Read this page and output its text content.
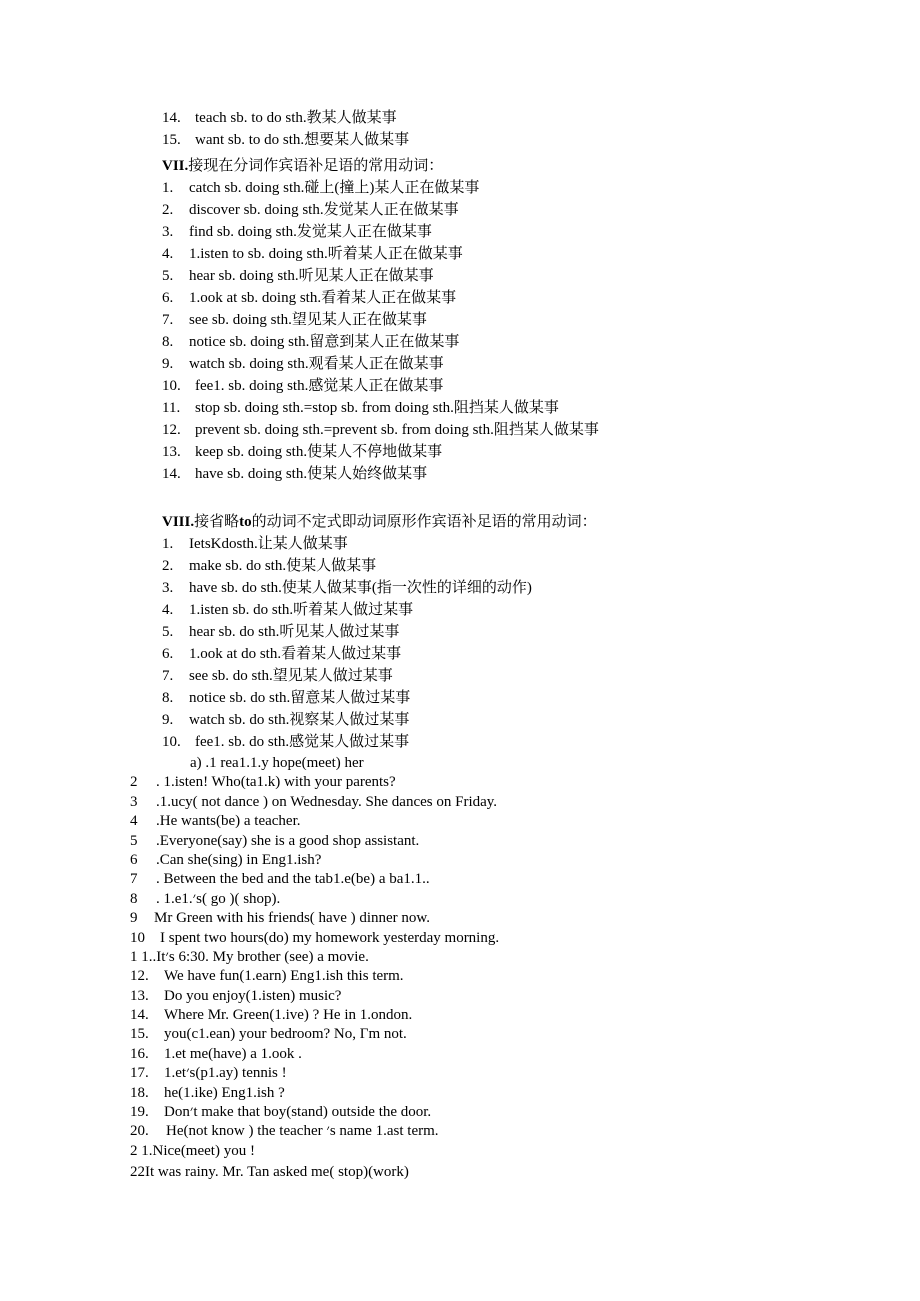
14. teach sb. to do sth.教某人做某事
15. want sb. to do sth.想要某人做某事
VII.接现在分词作宾语补足语的常用动词：
1. catch sb. doing sth.碰上(撞上)某人正在做某事
2. discover sb. doing sth.发觉某人正在做某事
3. find sb. doing sth.发觉某人正在做某事
4. 1.isten to sb. doing sth.听着某人正在做某事
5. hear sb. doing sth.听见某人正在做某事
6. 1.ook at sb. doing sth.看着某人正在做某事
7. see sb. doing sth.望见某人正在做某事
8. notice sb. doing sth.留意到某人正在做某事
9. watch sb. doing sth.观看某人正在做某事
10. fee1. sb. doing sth.感觉某人正在做某事
11. stop sb. doing sth.=stop sb. from doing sth.阻挡某人做某事
12. prevent sb. doing sth.=prevent sb. from doing sth.阻挡某人做某事
13. keep sb. doing sth.使某人不停地做某事
14. have sb. doing sth.使某人始终做某事
VIII.接省略to的动词不定式即动词原形作宾语补足语的常用动词：
1. IetsKdosth.让某人做某事
2. make sb. do sth.使某人做某事
3. have sb. do sth.使某人做某事(指一次性的详细的动作)
4. 1.isten sb. do sth.听着某人做过某事
5. hear sb. do sth.听见某人做过某事
6. 1.ook at do sth.看着某人做过某事
7. see sb. do sth.望见某人做过某事
8. notice sb. do sth.留意某人做过某事
9. watch sb. do sth.视察某人做过某事
10. fee1. sb. do sth.感觉某人做过某事
a) .1 rea1.1.y hope(meet) her
2 . 1.isten! Who(ta1.k) with your parents?
3 .1.ucy( not dance ) on Wednesday. She dances on Friday.
4 .He wants(be) a teacher.
5 .Everyone(say) she is a good shop assistant.
6 .Can she(sing) in Eng1.ish?
7 . Between the bed and the tab1.e(be) a ba1.1..
8 . 1.e1.׳s( go )( shop).
9 Mr Green with his friends( have ) dinner now.
10 I spent two hours(do) my homework yesterday morning.
1 1..It׳s 6:30. My brother (see) a movie.
12. We have fun(1.earn) Eng1.ish this term.
13. Do you enjoy(1.isten) music?
14. Where Mr. Green(1.ive) ? He in 1.ondon.
15. you(c1.ean) your bedroom? No, Γm not.
16. 1.et me(have) a 1.ook .
17. 1.et׳s(p1.ay) tennis !
18. he(1.ike) Eng1.ish ?
19. Don׳t make that boy(stand) outside the door.
20. He(not know ) the teacher ׳s name 1.ast term.
2 1.Nice(meet) you !
22It was rainy. Mr. Tan asked me( stop)(work)
